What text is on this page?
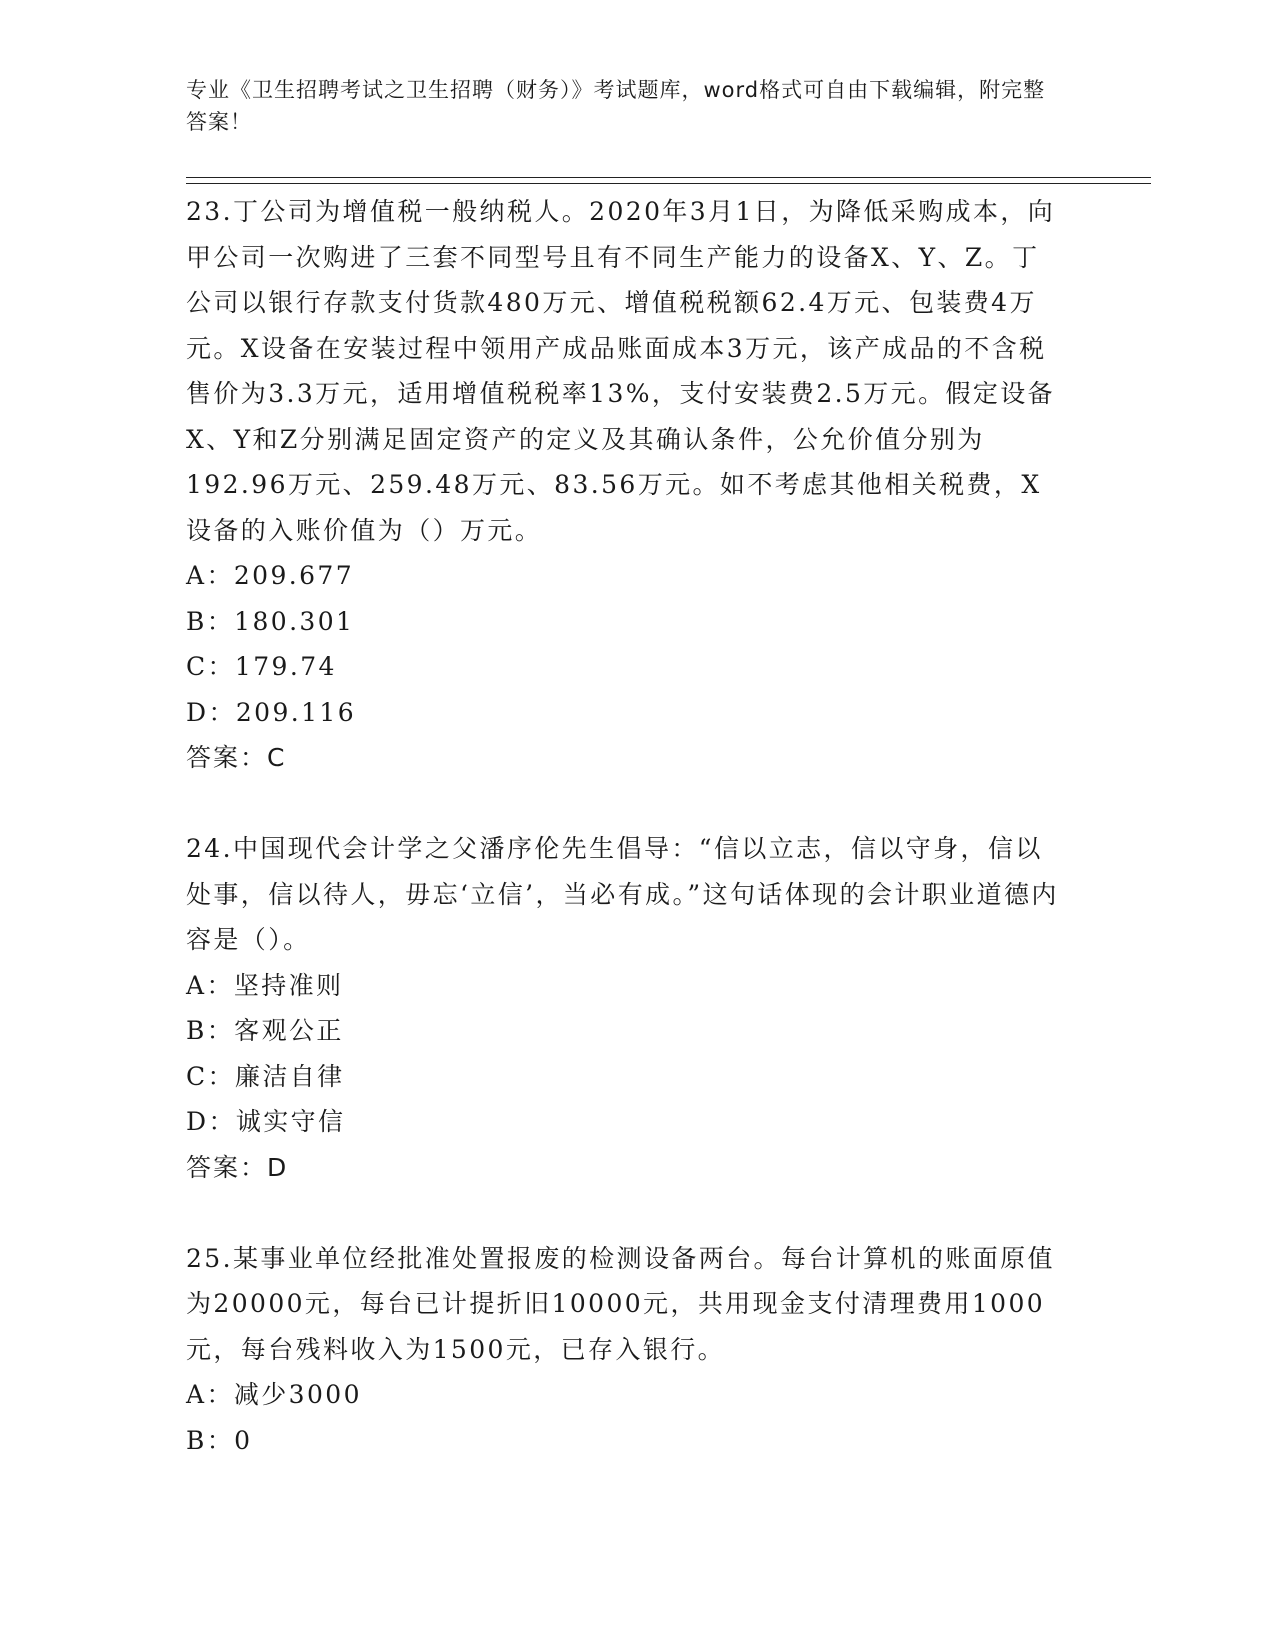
专业《卫生招聘考试之卫生招聘（财务）》考试题库，word格式可自由下载编辑，附完整答案！

23.丁公司为增值税一般纳税人。2020年3月1日，为降低采购成本，向甲公司一次购进了三套不同型号且有不同生产能力的设备X、Y、Z。丁公司以银行存款支付货款480万元、增值税税额62.4万元、包装费4万元。X设备在安装过程中领用产成品账面成本3万元，该产成品的不含税售价为3.3万元，适用增值税税率13%，支付安装费2.5万元。假定设备X、Y和Z分别满足固定资产的定义及其确认条件，公允价值分别为192.96万元、259.48万元、83.56万元。如不考虑其他相关税费，X设备的入账价值为（）万元。

A：209.677

B：180.301

C：179.74

D：209.116

答案：C

24.中国现代会计学之父潘序伦先生倡导：“信以立志，信以守身，信以处事，信以待人，毋忘‘立信’，当必有成。”这句话体现的会计职业道德内容是（）。

A：坚持准则

B：客观公正

C：廉洁自律

D：诚实守信

答案：D

25.某事业单位经批准处置报废的检测设备两台。每台计算机的账面原值为20000元，每台已计提折旧10000元，共用现金支付清理费用1000元，每台残料收入为1500元，已存入银行。

A：减少3000

B：0
